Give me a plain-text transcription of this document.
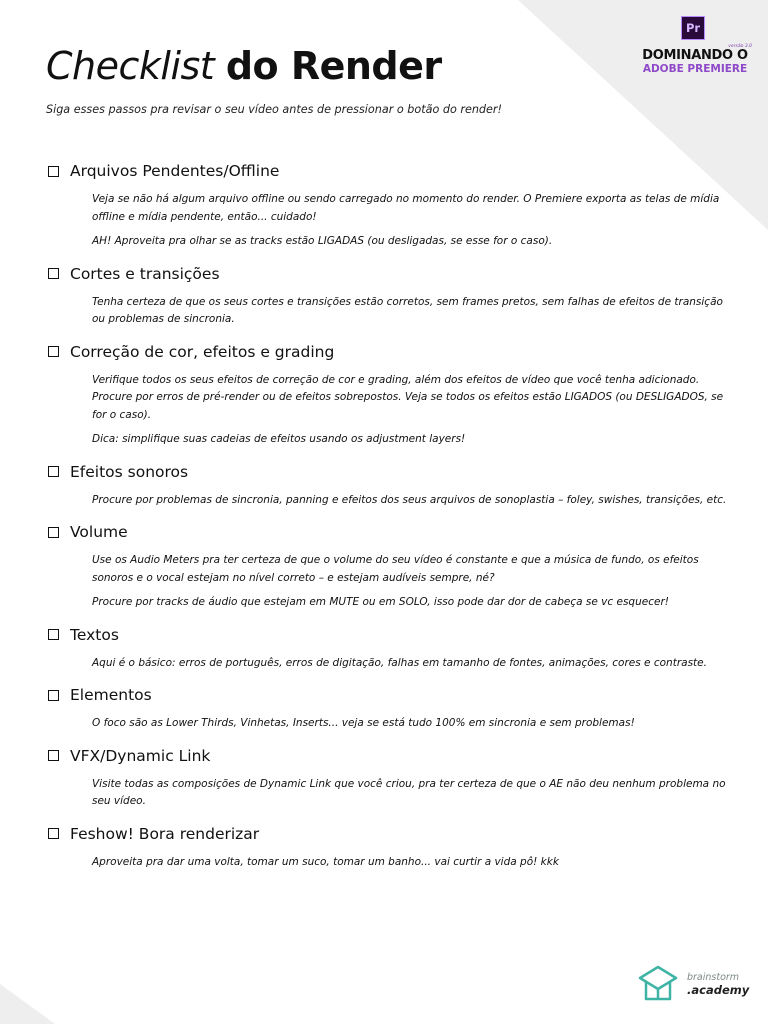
Checklist do Render
Siga esses passos pra revisar o seu vídeo antes de pressionar o botão do render!
Pr
versão 3.0
DOMINANDO O
ADOBE PREMIERE
Arquivos Pendentes/Offline

Veja se não há algum arquivo offline ou sendo carregado no momento do render. O Premiere exporta as telas de mídia offline e mídia pendente, então... cuidado!

AH! Aproveita pra olhar se as tracks estão LIGADAS (ou desligadas, se esse for o caso).

Cortes e transições

Tenha certeza de que os seus cortes e transições estão corretos, sem frames pretos, sem falhas de efeitos de transição ou problemas de sincronia.

Correção de cor, efeitos e grading

Verifique todos os seus efeitos de correção de cor e grading, além dos efeitos de vídeo que você tenha adicionado. Procure por erros de pré-render ou de efeitos sobrepostos. Veja se todos os efeitos estão LIGADOS (ou DESLIGADOS, se for o caso).

Dica: simplifique suas cadeias de efeitos usando os adjustment layers!

Efeitos sonoros

Procure por problemas de sincronia, panning e efeitos dos seus arquivos de sonoplastia – foley, swishes, transições, etc.

Volume

Use os Audio Meters pra ter certeza de que o volume do seu vídeo é constante e que a música de fundo, os efeitos sonoros e o vocal estejam no nível correto – e estejam audíveis sempre, né?

Procure por tracks de áudio que estejam em MUTE ou em SOLO, isso pode dar dor de cabeça se vc esquecer!

Textos

Aqui é o básico: erros de português, erros de digitação, falhas em tamanho de fontes, animações, cores e contraste.

Elementos

O foco são as Lower Thirds, Vinhetas, Inserts... veja se está tudo 100% em sincronia e sem problemas!

VFX/Dynamic Link

Visite todas as composições de Dynamic Link que você criou, pra ter certeza de que o AE não deu nenhum problema no seu vídeo.

Feshow! Bora renderizar

Aproveita pra dar uma volta, tomar um suco, tomar um banho... vai curtir a vida pô! kkk

brainstorm
.academy
